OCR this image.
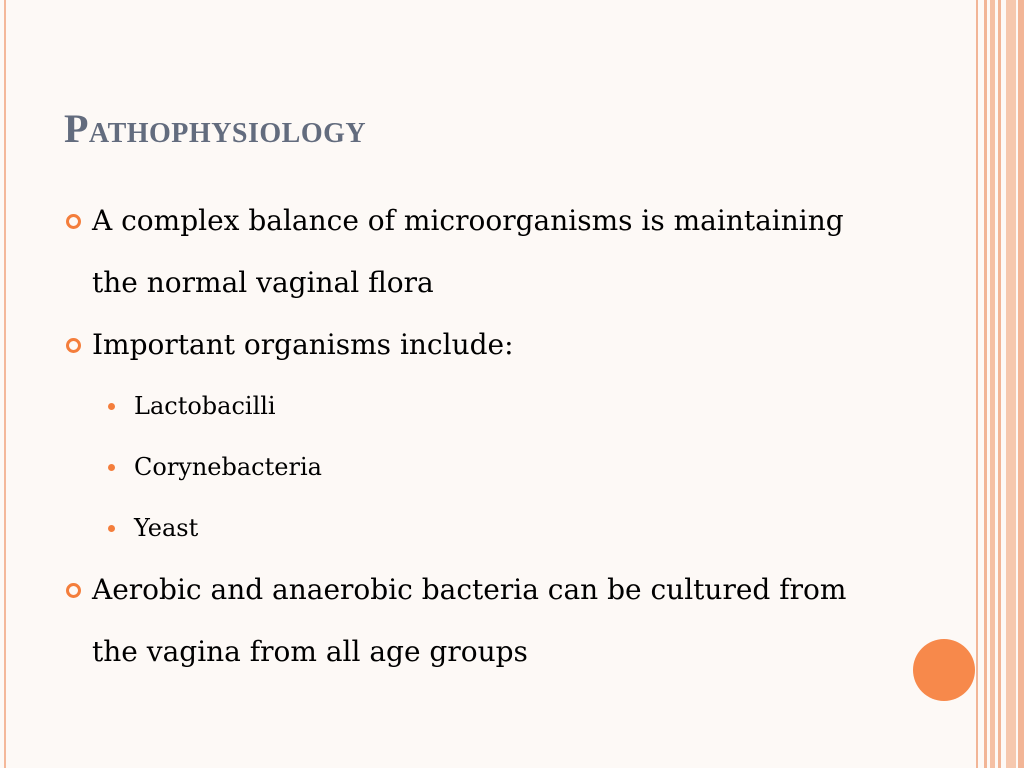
Pathophysiology
A complex balance of microorganisms is maintaining the normal vaginal flora
Important organisms include:
Lactobacilli
Corynebacteria
Yeast
Aerobic and anaerobic bacteria can be cultured from the vagina from all age groups
